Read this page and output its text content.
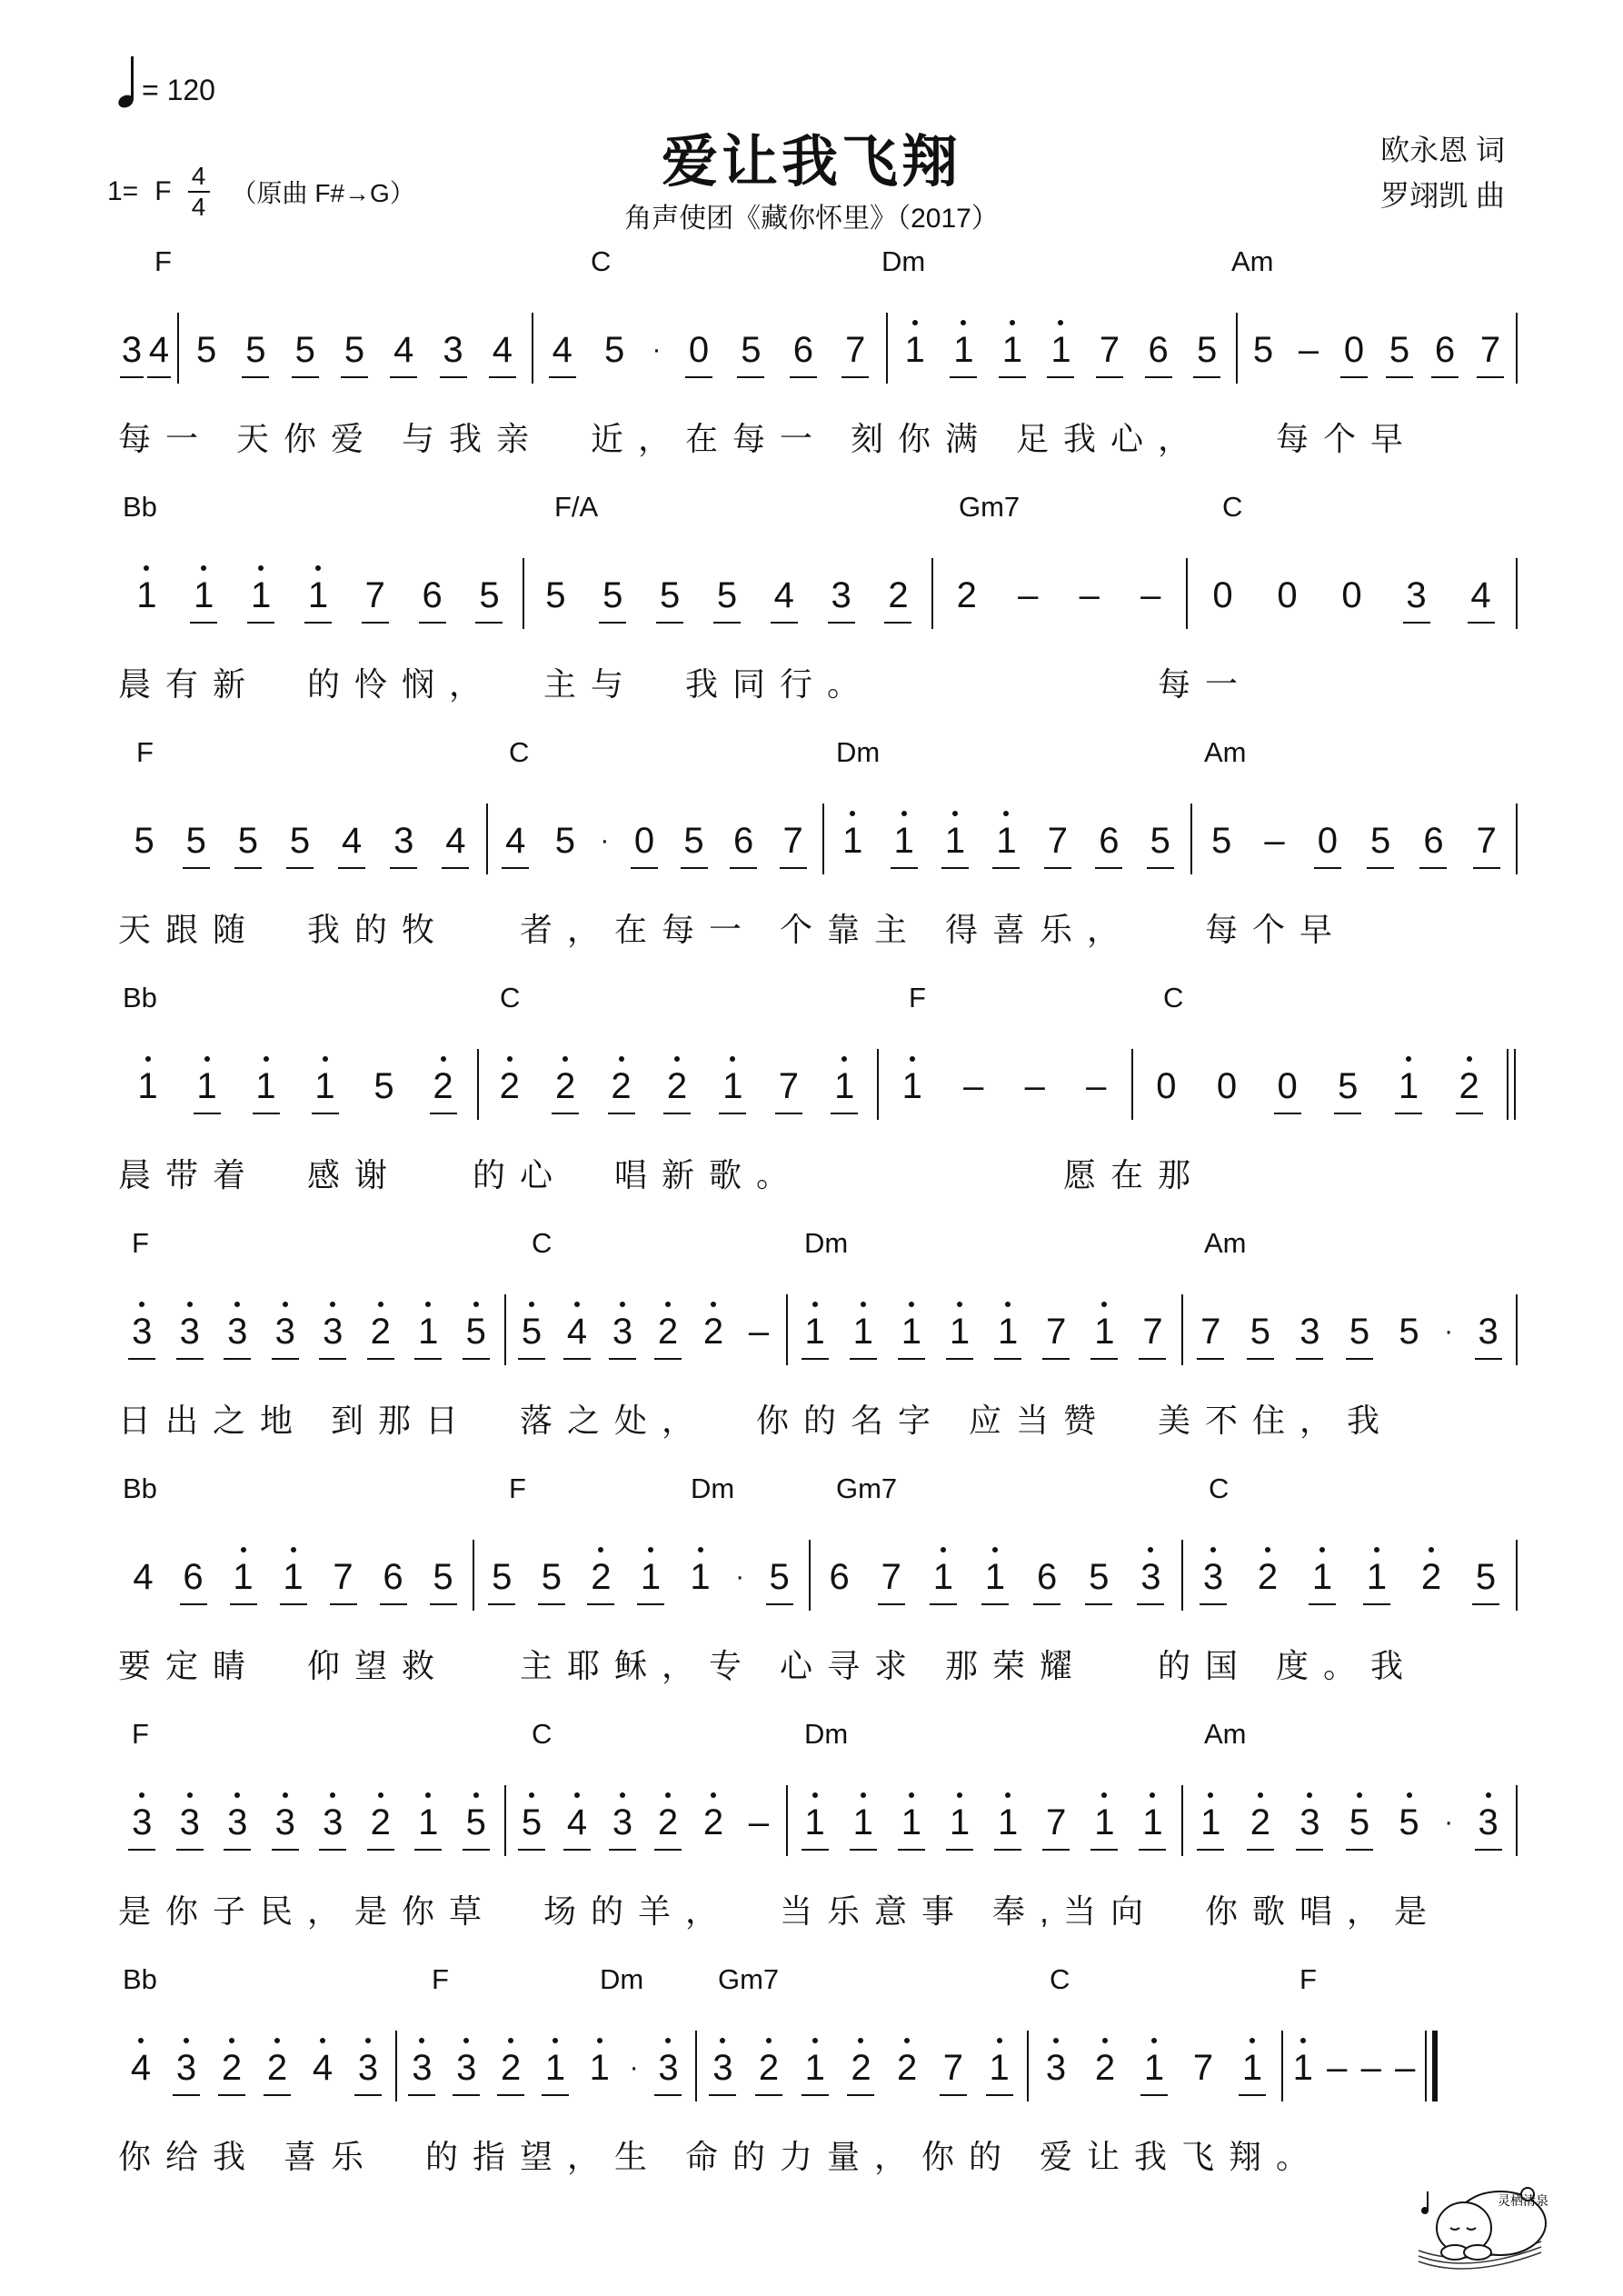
= 120
1= F
4
4 （原曲 F#→G）	爱让我飞翔
角声使团《藏你怀里》（2017）
欧永恩 词
罗翊凯 曲
F	C	Dm	Am
3 4 5 5 5 5 4 3 4 4 5 · 0 5 6 7 1 1 1 1 7 6 5 5 – 0 5 6 7
每一 天你爱 与我亲  近，在每一 刻你满 足我心，   每个早
Bb	F/A	Gm7	C
1 1 1 1 7 6 5 5 5 5 5 4 3 2 2 – – – 0 0 0 3 4
晨有新  的怜悯，  主与  我同行。            每一
F	C	Dm	Am
5 5 5 5 4 3 4 4 5 · 0 5 6 7 1 1 1 1 7 6 5 5 – 0 5 6 7
天跟随  我的牧   者，在每一 个靠主 得喜乐，   每个早
Bb	C	F	C
1 1 1 1 5 2 2 2 2 2 1 7 1 1 – – – 0 0 0 5 1 2
晨带着  感谢   的心  唱新歌。           愿在那
F	C	Dm	Am
3 3 3 3 3 2 1 5 5 4 3 2 2 – 1 1 1 1 1 7 1 7 7 5 3 5 5 · 3
日出之地 到那日  落之处，  你的名字 应当赞  美不住，我
Bb	F	Dm	Gm7	C
4 6 1 1 7 6 5 5 5 2 1 1 · 5 6 7 1 1 6 5 3 3 2 1 1 2 5
要定睛  仰望救   主耶稣，专 心寻求 那荣耀   的国 度。我
F	C	Dm	Am
3 3 3 3 3 2 1 5 5 4 3 2 2 – 1 1 1 1 1 7 1 1 1 2 3 5 5 · 3
是你子民，是你草  场的羊，  当乐意事 奉,当向  你歌唱，是
Bb	F	Dm	Gm7	C	F
4 3 2 2 4 3 3 3 2 1 1 · 3 3 2 1 2 2 7 1 3 2 1 7 1 1 – – –
你给我 喜乐  的指望，生 命的力量，你的 爱让我飞翔。
灵栖清泉
